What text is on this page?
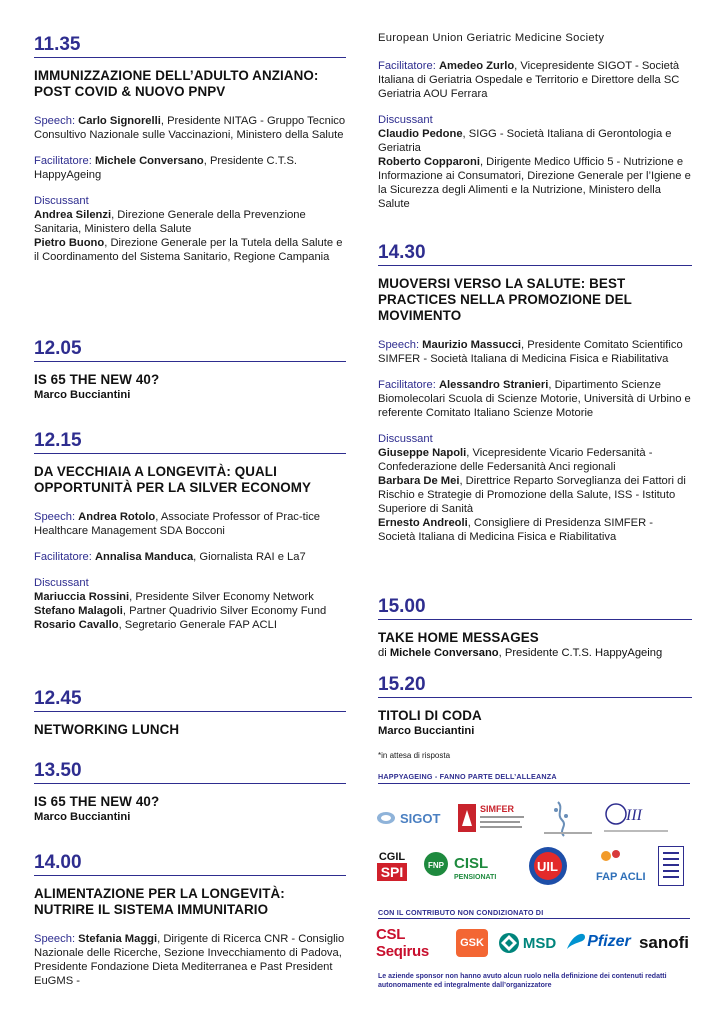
11.35
IMMUNIZZAZIONE DELL’ADULTO ANZIANO: POST COVID & NUOVO PNPV
Speech: Carlo Signorelli, Presidente NITAG - Gruppo Tecnico Consultivo Nazionale sulle Vaccinazioni, Ministero della Salute
Facilitatore: Michele Conversano, Presidente C.T.S. HappyAgeing
Discussant
Andrea Silenzi, Direzione Generale della Prevenzione Sanitaria, Ministero della Salute
Pietro Buono, Direzione Generale per la Tutela della Salute e il Coordinamento del Sistema Sanitario, Regione Campania
12.05
IS 65 THE NEW 40?
Marco Bucciantini
12.15
DA VECCHIAIA A LONGEVITÀ: QUALI OPPORTUNITÀ PER LA SILVER ECONOMY
Speech: Andrea Rotolo, Associate Professor of Prac-tice Healthcare Management SDA Bocconi
Facilitatore: Annalisa Manduca, Giornalista RAI e La7
Discussant
Mariuccia Rossini, Presidente Silver Economy Network
Stefano Malagoli, Partner Quadrivio Silver Economy Fund
Rosario Cavallo, Segretario Generale FAP ACLI
12.45
NETWORKING LUNCH
13.50
IS 65 THE NEW 40?
Marco Bucciantini
14.00
ALIMENTAZIONE PER LA LONGEVITÀ: NUTRIRE IL SISTEMA IMMUNITARIO
Speech: Stefania Maggi, Dirigente di Ricerca CNR - Consiglio Nazionale delle Ricerche, Sezione Invecchiamento di Padova, Presidente Fondazione Dieta Mediterranea e Past President EuGMS -
European Union Geriatric Medicine Society
Facilitatore: Amedeo Zurlo, Vicepresidente SIGOT - Società Italiana di Geriatria Ospedale e Territorio e Direttore della SC Geriatria AOU Ferrara
Discussant
Claudio Pedone, SIGG - Società Italiana di Gerontologia e Geriatria
Roberto Copparoni, Dirigente Medico Ufficio 5 - Nutrizione e Informazione ai Consumatori, Direzione Generale per l’Igiene e la Sicurezza degli Alimenti e la Nutrizione, Ministero della Salute
14.30
MUOVERSI VERSO LA SALUTE: BEST PRACTICES NELLA PROMOZIONE DEL MOVIMENTO
Speech: Maurizio Massucci, Presidente Comitato Scientifico SIMFER - Società Italiana di Medicina Fisica e Riabilitativa
Facilitatore: Alessandro Stranieri, Dipartimento Scienze Biomolecolari Scuola di Scienze Motorie, Università di Urbino e referente Comitato Italiano Scienze Motorie
Discussant
Giuseppe Napoli, Vicepresidente Vicario Federsanità - Confederazione delle Federsanità Anci regionali
Barbara De Mei, Direttrice Reparto Sorveglianza dei Fattori di Rischio e Strategie di Promozione della Salute, ISS - Istituto Superiore di Sanità
Ernesto Andreoli, Consigliere di Presidenza SIMFER - Società Italiana di Medicina Fisica e Riabilitativa
15.00
TAKE HOME MESSAGES
di Michele Conversano, Presidente C.T.S. HappyAgeing
15.20
TITOLI DI CODA
Marco Bucciantini
*in attesa di risposta
HAPPYAGEING - FANNO PARTE DELL’ALLEANZA
SIGOT
SIMFER	III
CGIL
SPI	FNP CISL
PENSIONATI
UIL
FAP ACLI
CON IL CONTRIBUTO NON CONDIZIONATO DI
CSL Seqirus	GSK	MSD Pfizer sanofi
Le aziende sponsor non hanno avuto alcun ruolo nella definizione dei contenuti redatti autonomamente ed integralmente dall’organizzatore
